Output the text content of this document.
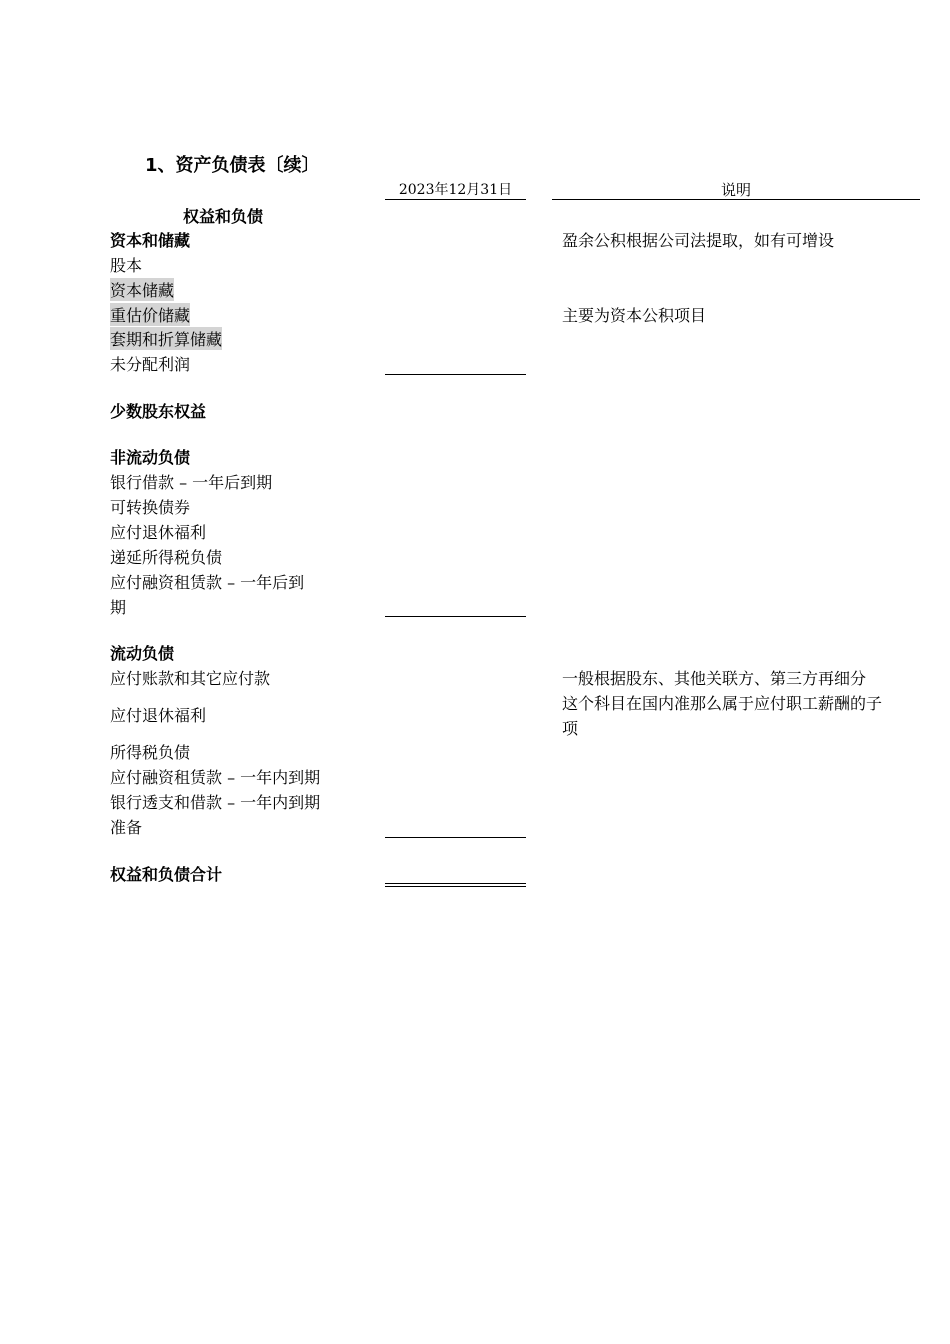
1、资产负债表〔续〕
2023年12月31日	说明
权益和负债
资本和储藏
股本
资本储藏
重估价储藏
套期和折算储藏
未分配利润
少数股东权益
非流动负债
银行借款 – 一年后到期
可转换债券
应付退休福利
递延所得税负债
应付融资租赁款 – 一年后到
期
流动负债
应付账款和其它应付款
应付退休福利
所得税负债
应付融资租赁款 – 一年内到期
银行透支和借款 – 一年内到期
准备
权益和负债合计
盈余公积根据公司法提取，如有可增设
主要为资本公积项目
一般根据股东、其他关联方、第三方再细分
这个科目在国内准那么属于应付职工薪酬的子
项
